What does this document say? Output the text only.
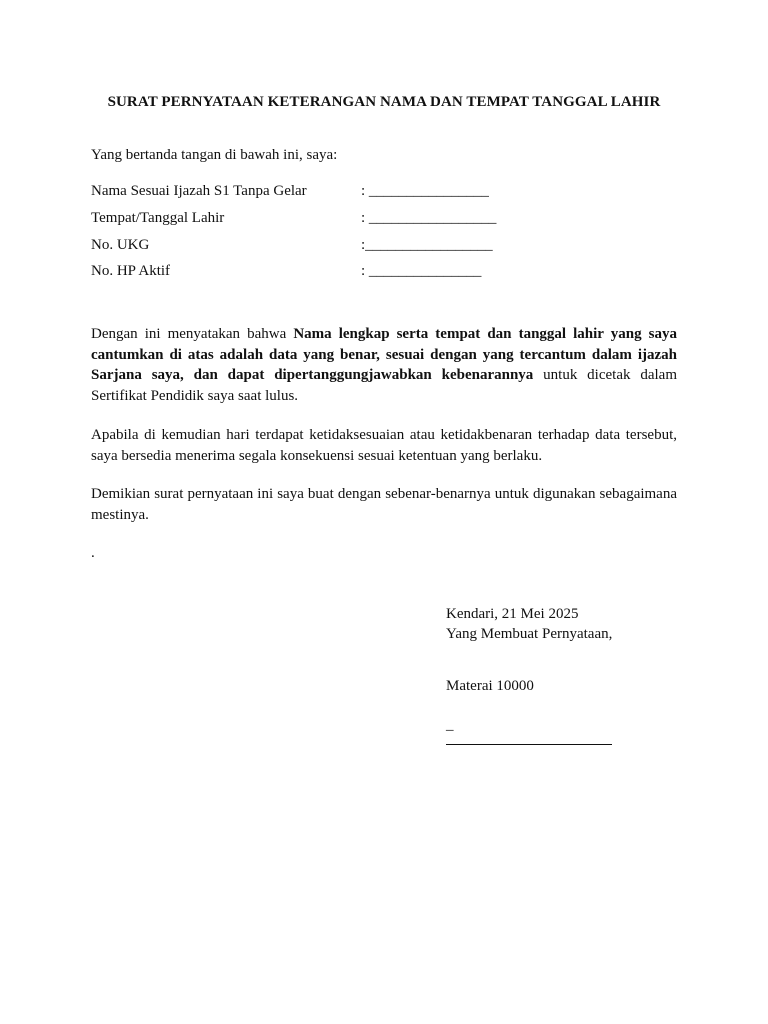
SURAT PERNYATAAN KETERANGAN NAMA DAN TEMPAT TANGGAL LAHIR
Yang bertanda tangan di bawah ini, saya:
Nama Sesuai Ijazah S1 Tanpa Gelar	: ________________
Tempat/Tanggal Lahir	: _________________
No. UKG	:_________________
No. HP Aktif	: _______________
Dengan ini menyatakan bahwa Nama lengkap serta tempat dan tanggal lahir yang saya cantumkan di atas adalah data yang benar, sesuai dengan yang tercantum dalam ijazah Sarjana saya, dan dapat dipertanggungjawabkan kebenarannya untuk dicetak dalam Sertifikat Pendidik saya saat lulus.
Apabila di kemudian hari terdapat ketidaksesuaian atau ketidakbenaran terhadap data tersebut, saya bersedia menerima segala konsekuensi sesuai ketentuan yang berlaku.
Demikian surat pernyataan ini saya buat dengan sebenar-benarnya untuk digunakan sebagaimana mestinya.
.
Kendari, 21 Mei 2025
Yang Membuat Pernyataan,
Materai 10000
_
